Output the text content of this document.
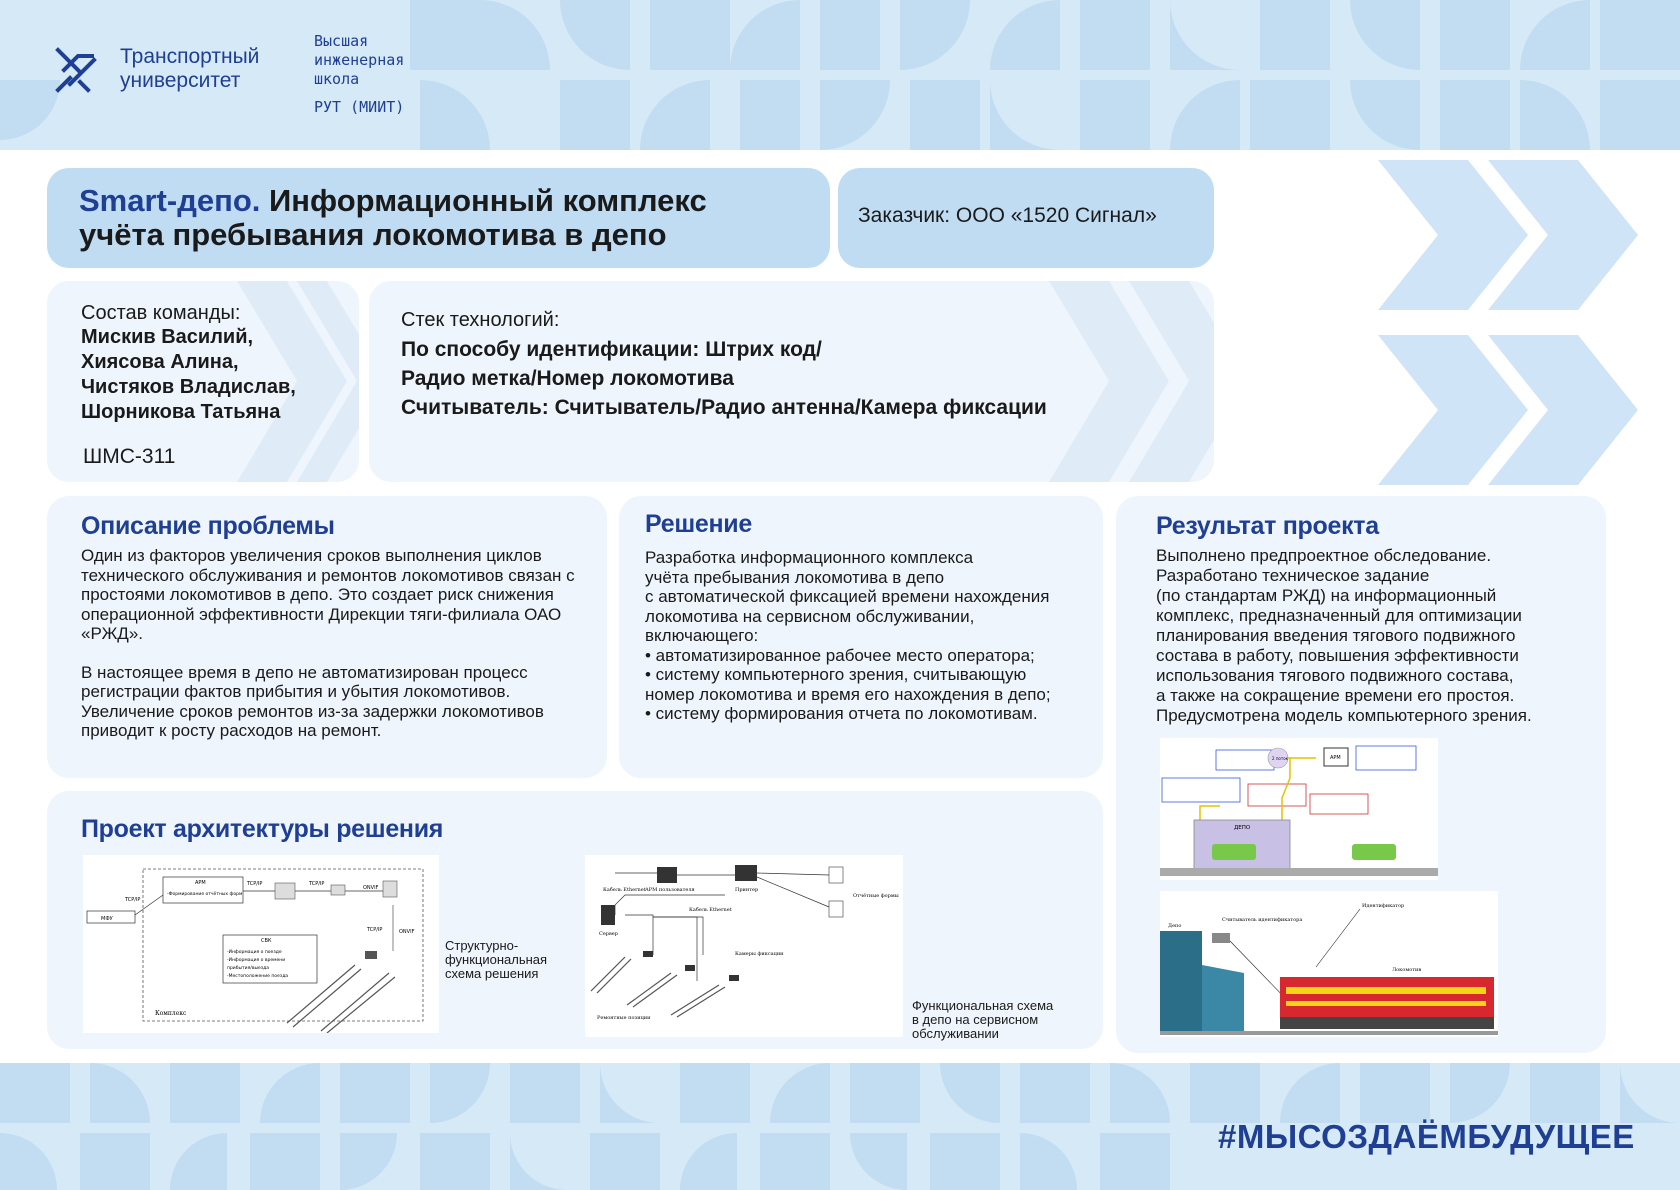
Транспортный
университет
Высшая
инженерная
школа
РУТ (МИИТ)
Smart-депо. Информационный комплекс
учёта пребывания локомотива в депо
Заказчик: ООО «1520 Сигнал»
Состав команды:
Мискив Василий,
Хиясова Алина,
Чистяков Владислав,
Шорникова Татьяна
ШМС-311
Стек технологий:
По способу идентификации: Штрих код/
Радио метка/Номер локомотива
Считыватель: Считыватель/Радио антенна/Камера фиксации
Описание проблемы

Один из факторов увеличения сроков выполнения циклов технического обслуживания и ремонтов локомотивов связан с простоями локомотивов в депо. Это создает риск снижения операционной эффективности Дирекции тяги-филиала ОАО «РЖД».

В настоящее время в депо не автоматизирован процесс регистрации фактов прибытия и убытия локомотивов. Увеличение сроков ремонтов из-за задержки локомотивов приводит к росту расходов на ремонт.

Решение
Разработка информационного комплекса
учёта пребывания локомотива в депо
с автоматической фиксацией времени нахождения
локомотива на сервисном обслуживании,
включающего:
• автоматизированное рабочее место оператора;
• систему компьютерного зрения, считывающую
номер локомотива и время его нахождения в депо;
• систему формирования отчета по локомотивам.
Результат проекта
Выполнено предпроектное обследование.
Разработано техническое задание
(по стандартам РЖД) на информационный
комплекс, предназначенный для оптимизации
планирования введения тягового подвижного
состава в работу, повышения эффективности
использования тягового подвижного состава,
а также на сокращение времени его простоя.
Предусмотрена модель компьютерного зрения.
2 поток	АРМ
ДЕПО
Депо
Считыватель идентификатора
Идентификатор
Локомотив
Проект архитектуры решения
Комплекс
АРМ
-Формирование отчётных форм
МФУ
TCP/IP
TCP/IP	TCP/IP
ONVIF
ONVIF
СВК
-Информация о поезде
-Информация о времени
прибытия/выезда
-Местоположение поезда
TCP/IP
Структурно-
функциональная
схема решения
Кабель Ethernet АРМ пользователя	Принтер
Отчётные формы
Кабель Ethernet
Сервер
Камеры фиксации
Ремонтные позиции
Функциональная схема
в депо на сервисном
обслуживании
#МЫСОЗДАЁМБУДУЩЕЕ
